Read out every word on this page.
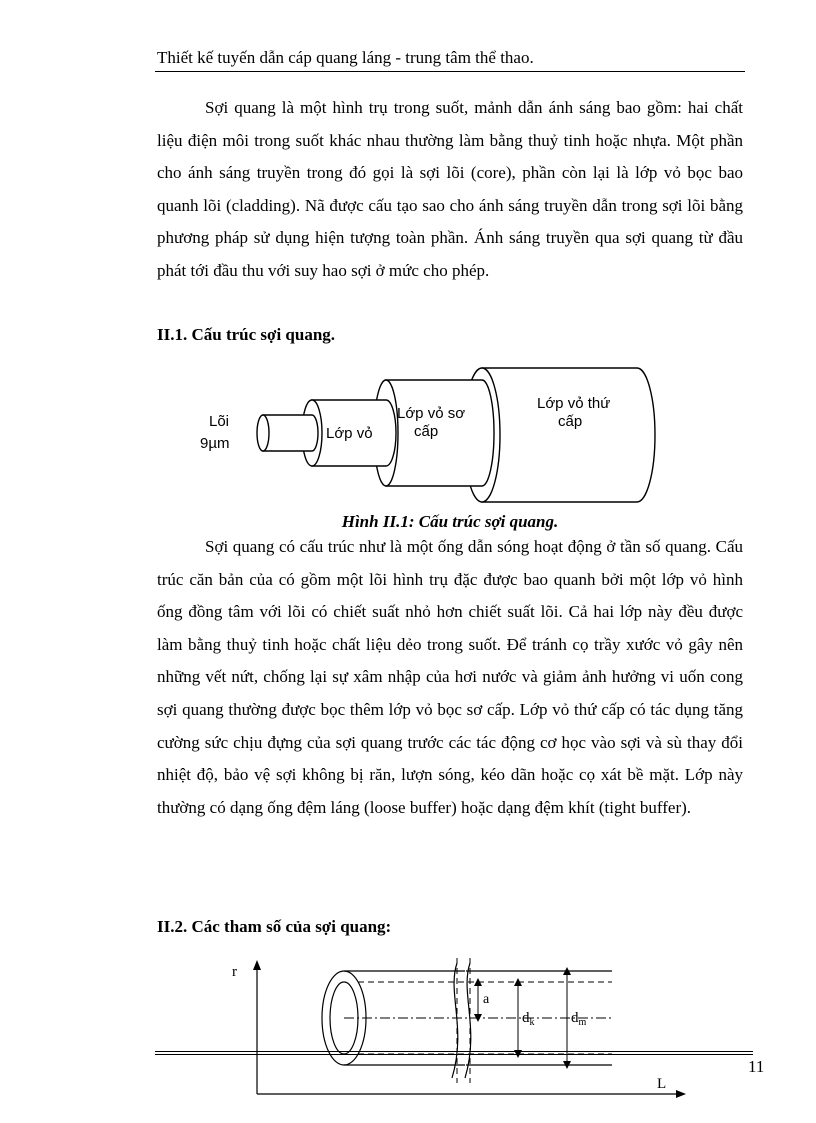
Thiết kế tuyến dẫn cáp quang láng - trung tâm thể thao.

Sợi quang là một hình trụ trong suốt, mảnh dẫn ánh sáng bao gồm: hai chất liệu điện môi trong suốt khác nhau thường làm bằng thuỷ tinh hoặc nhựa. Một phần cho ánh sáng truyền trong đó gọi là sợi lõi (core), phần còn lại là lớp vỏ bọc bao quanh lõi (cladding). Nã được cấu tạo sao cho ánh sáng truyền dẫn trong sợi lõi bằng phương pháp sử dụng hiện tượng toàn phần. Ánh sáng truyền qua sợi quang từ đầu phát tới đầu thu với suy hao sợi ở mức cho phép.

II.1. Cấu trúc sợi quang.

Lõi
9µm
Lớp vỏ
Lớp vỏ sơ
cấp
Lớp vỏ thứ
cấp
Hình II.1: Cấu trúc sợi quang.

Sợi quang có cấu trúc như là một ống dẫn sóng hoạt động ở tần số quang. Cấu trúc căn bản của có gồm một lõi hình trụ đặc được bao quanh bởi một lớp vỏ hình ống đồng tâm với lõi có chiết suất nhỏ hơn chiết suất lõi. Cả hai lớp này đều được làm bằng thuỷ tinh hoặc chất liệu dẻo trong suốt. Để tránh cọ trầy xước vỏ gây nên những vết nứt, chống lại sự xâm nhập của hơi nước và giảm ảnh hưởng vi uốn cong sợi quang thường được bọc thêm lớp vỏ bọc sơ cấp. Lớp vỏ thứ cấp có tác dụng tăng cường sức chịu đựng của sợi quang trước các tác động cơ học vào sợi và sù thay đổi nhiệt độ, bảo vệ sợi không bị răn, lượn sóng, kéo dãn hoặc cọ xát bề mặt. Lớp này thường có dạng ống đệm láng (loose buffer) hoặc dạng đệm khít (tight buffer).

II.2. Các tham số của sợi quang:

r
L
a
$d_k$ $d_m$
11
